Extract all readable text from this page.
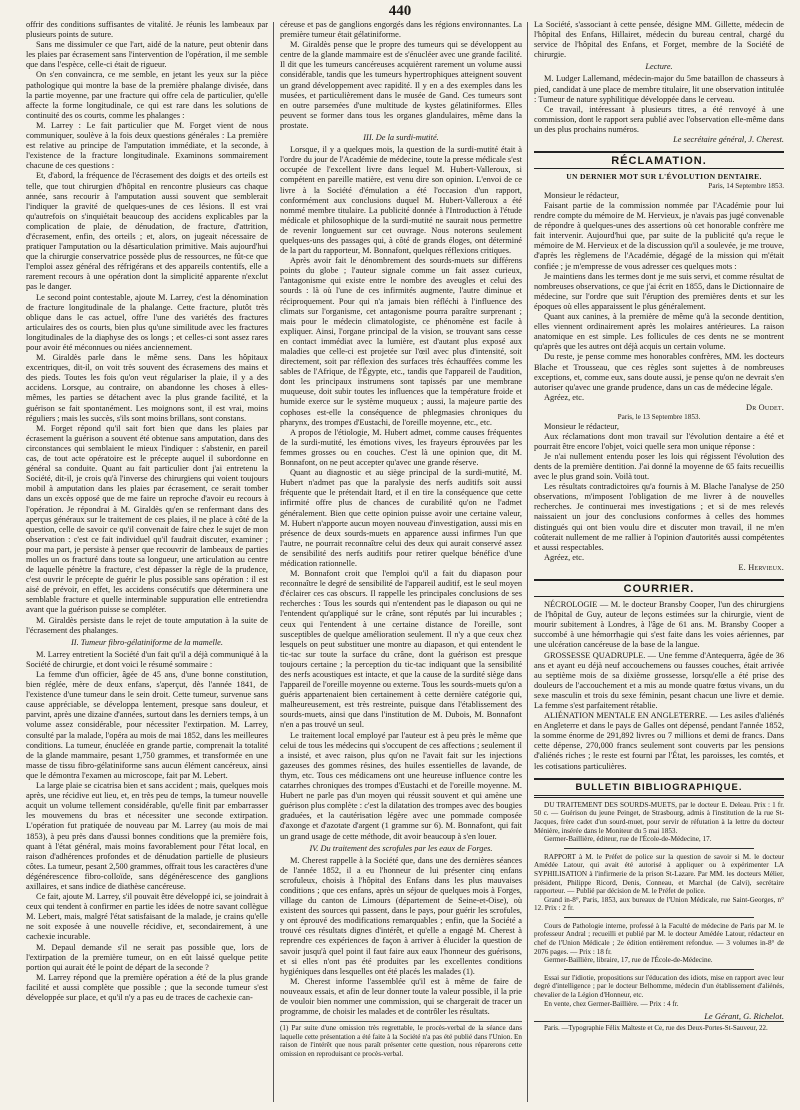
440

offrir des conditions suffisantes de vitalité. Je réunis les lambeaux par plusieurs points de suture.

Sans me dissimuler ce que l'art, aidé de la nature, peut obtenir dans les plaies par écrasement sans l'intervention de l'opération, il me semble que dans l'espèce, celle-ci était de rigueur.

On s'en convaincra, ce me semble, en jetant les yeux sur la pièce pathologique qui montre la base de la première phalange divisée, dans la partie moyenne, par une fracture qui offre cela de particulier, qu'elle affecte la forme longitudinale, ce qui est rare dans les solutions de continuité des os courts, comme les phalanges :

M. Larrey : Le fait particulier que M. Forget vient de nous communiquer, soulève à la fois deux questions générales : La première est relative au principe de l'amputation immédiate, et la seconde, à l'existence de la fracture longitudinale. Examinons sommairement chacune de ces questions :

Et, d'abord, la fréquence de l'écrasement des doigts et des orteils est telle, que tout chirurgien d'hôpital en rencontre plusieurs cas chaque année, sans recourir à l'amputation aussi souvent que semblerait l'indiquer la gravité de quelques-unes de ces lésions. Il est vrai qu'autrefois on s'inquiétait beaucoup des accidens explicables par la complication de plaie, de dénudation, de fracture, d'attrition, d'écrasement, enfin, des orteils ; et, alors, on jugeait nécessaire de pratiquer l'amputation ou la désarticulation primitive. Mais aujourd'hui que la chirurgie conservatrice possède plus de ressources, ne fût-ce que l'emploi assez général des réfrigérans et des appareils contentifs, elle a rarement recours à une opération dont la simplicité apparente n'exclut pas le danger.

Le second point contestable, ajoute M. Larrey, c'est la dénomination de fracture longitudinale de la phalange. Cette fracture, plutôt très oblique dans le cas actuel, offre l'une des variétés des fractures articulaires des os courts, bien plus qu'une similitude avec les fractures longitudinales de la diaphyse des os longs ; et celles-ci sont assez rares pour avoir été méconnues ou niées anciennement.

M. Giraldès parle dans le même sens. Dans les hôpitaux excentriques, dit-il, on voit très souvent des écrasemens des mains et des pieds. Toutes les fois qu'on veut régulariser la plaie, il y a des accidens. Lorsque, au contraire, on abandonne les choses à elles-mêmes, les parties se détachent avec la plus grande facilité, et la guérison se fait spontanément. Les moignons sont, il est vrai, moins réguliers ; mais les succès, s'ils sont moins brillans, sont constans.

M. Forget répond qu'il sait fort bien que dans les plaies par écrasement la guérison a souvent été obtenue sans amputation, dans des circonstances qui semblaient le mieux l'indiquer : s'abstenir, en pareil cas, de tout acte opératoire est le précepte auquel il subordonne en général sa conduite. Quant au fait particulier dont j'ai entretenu la Société, dit-il, je crois qu'à l'inverse des chirurgiens qui voient toujours mobil à amputation dans les plaies par écrasement, ce serait tomber dans un excès opposé que de me faire un reproche d'avoir eu recours à l'opération. Je répondrai à M. Giraldès qu'en se renfermant dans des aperçus généraux sur le traitement de ces plaies, il ne place à côté de la question, celle de savoir ce qu'il convenait de faire chez le sujet de mon observation : c'est ce fait individuel qu'il faudrait discuter, examiner ; pour ma part, je persiste à penser que recouvrir de lambeaux de parties molles un os fracturé dans toute sa longueur, une articulation au centre de laquelle pénètre la fracture, c'est dépasser la règle de la prudence, c'est ouvrir le précepte de guérir le plus possible sans opération : il est aisé de prévoir, en effet, les accidens consécutifs que déterminera une semblable fracture et quelle interminable suppuration elle entretiendra avant que la guérison puisse se compléter.

M. Giraldès persiste dans le rejet de toute amputation à la suite de l'écrasement des phalanges.

II. Tumeur fibro-gélatiniforme de la mamelle.

M. Larrey entretient la Société d'un fait qu'il a déjà communiqué à la Société de chirurgie, et dont voici le résumé sommaire :

La femme d'un officier, âgée de 45 ans, d'une bonne constitution, bien réglée, mère de deux enfans, s'aperçut, dès l'année 1841, de l'existence d'une tumeur dans le sein droit. Cette tumeur, survenue sans cause appréciable, se développa lentement, presque sans douleur, et parvint, après une dizaine d'années, surtout dans les derniers temps, à un volume assez considérable, pour nécessiter l'extirpation. M. Larrey, consulté par la malade, l'opéra au mois de mai 1852, dans les meilleures conditions. La tumeur, énucléée en grande partie, comprenait la totalité de la glande mammaire, pesant 1,750 grammes, et transformée en une masse de tissu fibro-gélatiniforme sans aucun élément cancéreux, ainsi que le démontra l'examen au microscope, fait par M. Lebert.

La large plaie se cicatrisa bien et sans accident ; mais, quelques mois après, une récidive eut lieu, et, en très peu de temps, la tumeur nouvelle acquit un volume tellement considérable, qu'elle finit par embarrasser les mouvemens du bras et nécessiter une seconde extirpation. L'opération fut pratiquée de nouveau par M. Larrey (au mois de mai 1853), à peu près dans d'aussi bonnes conditions que la première fois, quant à l'état général, mais moins favorablement pour l'état local, en raison d'adhérences profondes et de dénudation partielle de plusieurs côtes. La tumeur, pesant 2,500 grammes, offrait tous les caractères d'une dégénérescence fibro-colloïde, sans dégénérescence des ganglions axillaires, et sans indice de diathèse cancéreuse.

Ce fait, ajoute M. Larrey, s'il pouvait être développé ici, se joindrait à ceux qui tendent à confirmer en partie les idées de notre savant collègue M. Lebert, mais, malgré l'état satisfaisant de la malade, je crains qu'elle ne soit exposée à une nouvelle récidive, et, secondairement, à une cachexie incurable.

M. Depaul demande s'il ne serait pas possible que, lors de l'extirpation de la première tumeur, on en eût laissé quelque petite portion qui aurait été le point de départ de la seconde ?

M. Larrey répond que la première opération a été de la plus grande facilité et aussi complète que possible ; que la seconde tumeur s'est développée sur place, et qu'il n'y a pas eu de traces de cachexie can-

céreuse et pas de ganglions engorgés dans les régions environnantes. La première tumeur était gélatiniforme.

M. Giraldès pense que le propre des tumeurs qui se développent au centre de la glande mammaire est de s'énucléer avec une grande facilité. Il dit que les tumeurs cancéreuses acquièrent rarement un volume aussi considérable, tandis que les tumeurs hypertrophiques atteignent souvent un grand développement avec rapidité. Il y en a des exemples dans les musées, et particulièrement dans le musée de Gand. Ces tumeurs sont en outre parsemées d'une multitude de kystes gélatiniformes. Elles peuvent se former dans tous les organes glandulaires, même dans la prostate.

III. De la surdi-mutité.

Lorsque, il y a quelques mois, la question de la surdi-mutité était à l'ordre du jour de l'Académie de médecine, toute la presse médicale s'est occupée de l'excellent livre dans lequel M. Hubert-Valleroux, si compétent en pareille matière, est venu dire son opinion. L'envoi de ce livre à la Société d'émulation a été l'occasion d'un rapport, conformément aux conclusions duquel M. Hubert-Valleroux a été nommé membre titulaire. La publicité donnée à l'Introduction à l'étude médicale et philosophique de la surdi-mutité ne saurait nous permettre de revenir longuement sur cet ouvrage. Nous noterons seulement quelques-uns des passages qui, à côté de grands éloges, ont déterminé de la part du rapporteur, M. Bonnafont, quelques réflexions critiques.

Après avoir fait le dénombrement des sourds-muets sur différens points du globe ; l'auteur signale comme un fait assez curieux, l'antagonisme qui existe entre le nombre des aveugles et celui des sourds : là où l'une de ces infirmités augmente, l'autre diminue et réciproquement. Pour qui n'a jamais bien réfléchi à l'influence des climats sur l'organisme, cet antagonisme pourra paraître surprenant ; mais pour le médecin climatologiste, ce phénomène est facile à expliquer. Ainsi, l'organe principal de la vision, se trouvant sans cesse en contact immédiat avec la lumière, est d'autant plus exposé aux maladies que celle-ci est projetée sur l'œil avec plus d'intensité, soit directement, soit par réflexion des surfaces très échauffées comme les sables de l'Afrique, de l'Égypte, etc., tandis que l'appareil de l'audition, dont les principaux instrumens sont tapissés par une membrane muqueuse, doit subir toutes les influences que la température froide et humide exerce sur le système muqueux ; aussi, la majeure partie des cophoses est-elle la conséquence de phlegmasies chroniques du pharynx, des trompes d'Eustachi, de l'oreille moyenne, etc., etc.

A propos de l'étiologie, M. Hubert admet, comme causes fréquentes de la surdi-mutité, les émotions vives, les frayeurs éprouvées par les femmes grosses ou en couches. C'est là une opinion que, dit M. Bonnafont, on ne peut accepter qu'avec une grande réserve.

Quant au diagnostic et au siège principal de la surdi-mutité, M. Hubert n'admet pas que la paralysie des nerfs auditifs soit aussi fréquente que le prétendait Itard, et il en tire la conséquence que cette infirmité offre plus de chances de curabilité qu'on ne l'admet généralement. Bien que cette opinion puisse avoir une certaine valeur, M. Hubert n'apporte aucun moyen nouveau d'investigation, aussi mis en présence de deux sourds-muets en apparence aussi infirmes l'un que l'autre, ne pourrait reconnaître celui des deux qui aurait conservé assez de sensibilité des nerfs auditifs pour retirer quelque bénéfice d'une médication rationnelle.

M. Bonnafont croit que l'emploi qu'il a fait du diapason pour reconnaître le degré de sensibilité de l'appareil auditif, est le seul moyen d'éclairer ces cas obscurs. Il rappelle les principales conclusions de ses recherches : Tous les sourds qui n'entendent pas le diapason ou qui ne l'entendent qu'appliqué sur le crâne, sont réputés par lui incurables ; ceux qui l'entendent à une certaine distance de l'oreille, sont susceptibles de quelque amélioration seulement. Il n'y a que ceux chez lesquels on peut substituer une montre au diapason, et qui entendent le tic-tac sur toute la surface du crâne, dont la guérison est presque toujours certaine ; la perception du tic-tac indiquant que la sensibilité des nerfs acoustiques est intacte, et que la cause de la surdité siège dans l'appareil de l'oreille moyenne ou externe. Tous les sourds-muets qu'on a guéris appartenaient bien certainement à cette dernière catégorie qui, malheureusement, est très restreinte, puisque dans l'établissement des sourds-muets, ainsi que dans l'institution de M. Dubois, M. Bonnafont n'en a pas trouvé un seul.

Le traitement local employé par l'auteur est à peu près le même que celui de tous les médecins qui s'occupent de ces affections ; seulement il a insisté, et avec raison, plus qu'on ne l'avait fait sur les injections gazeuses des gommes résines, des huiles essentielles de lavande, de thym, etc. Tous ces médicamens ont une heureuse influence contre les catarrhes chroniques des trompes d'Eustachi et de l'oreille moyenne. M. Hubert ne parle pas d'un moyen qui réussit souvent et qui amène une guérison plus complète : c'est la dilatation des trompes avec des bougies graduées, et la cautérisation légère avec une pommade composée d'axonge et d'azotate d'argent (1 gramme sur 6). M. Bonnafont, qui fait un grand usage de cette méthode, dit avoir beaucoup à s'en louer.

IV. Du traitement des scrofules par les eaux de Forges.

M. Cherest rappelle à la Société que, dans une des dernières séances de l'année 1852, il a eu l'honneur de lui présenter cinq enfans scrofuleux, choisis à l'hôpital des Enfans dans les plus mauvaises conditions ; que ces enfans, après un séjour de quelques mois à Forges, village du canton de Limours (département de Seine-et-Oise), où existent des sources qui passent, dans le pays, pour guérir les scrofules, y ont éprouvé des modifications remarquables ; enfin, que la Société a trouvé ces résultats dignes d'intérêt, et qu'elle a engagé M. Cherest à reprendre ces expériences de façon à arriver à élucider la question de savoir jusqu'à quel point il faut faire aux eaux l'honneur des guérisons, et si elles n'ont pas été produites par les excellentes conditions hygiéniques dans lesquelles ont été placés les malades (1).

M. Cherest informe l'assemblée qu'il est à même de faire de nouveaux essais, et afin de leur donner toute la valeur possible, il la prie de vouloir bien nommer une commission, qui se chargerait de tracer un programme, de choisir les malades et de contrôler les résultats.

(1) Par suite d'une omission très regrettable, le procès-verbal de la séance dans laquelle cette présentation a été faite à la Société n'a pas été publié dans l'Union. En raison de l'intérêt que nous paraît présenter cette question, nous réparerons cette omission en reproduisant ce procès-verbal.

La Société, s'associant à cette pensée, désigne MM. Gillette, médecin de l'hôpital des Enfans, Hillairet, médecin du bureau central, chargé du service de l'hôpital des Enfans, et Forget, membre de la Société de chirurgie.

Lecture.

M. Ludger Lallemand, médecin-major du 5me bataillon de chasseurs à pied, candidat à une place de membre titulaire, lit une observation intitulée : Tumeur de nature syphilitique développée dans le cerveau.

Ce travail, intéressant à plusieurs titres, a été renvoyé à une commission, dont le rapport sera publié avec l'observation elle-même dans un des plus prochains numéros.

Le secrétaire général, J. Cherest.

RÉCLAMATION.

UN DERNIER MOT SUR L'ÉVOLUTION DENTAIRE.

Paris, 14 Septembre 1853.

Monsieur le rédacteur,

Faisant partie de la commission nommée par l'Académie pour lui rendre compte du mémoire de M. Hervieux, je n'avais pas jugé convenable de répondre à quelques-unes des assertions où cet honorable confrère me fait intervenir. Aujourd'hui que, par suite de la publicité qu'a reçue le mémoire de M. Hervieux et de la discussion qu'il a soulevée, je me trouve, d'après les règlemens de l'Académie, dégagé de la mission qui m'était confiée ; je m'empresse de vous adresser ces quelques mots :

Je maintiens dans les termes dont je me suis servi, et comme résultat de nombreuses observations, ce que j'ai écrit en 1855, dans le Dictionnaire de médecine, sur l'ordre que suit l'éruption des premières dents et sur les époques où elles apparaissent le plus généralement.

Quant aux canines, à la première de même qu'à la seconde dentition, elles viennent ordinairement après les molaires antérieures. La raison anatomique en est simple. Les follicules de ces dents ne se montrent qu'après que les autres ont déjà acquis un certain volume.

Du reste, je pense comme mes honorables confrères, MM. les docteurs Blache et Trousseau, que ces règles sont sujettes à de nombreuses exceptions, et, comme eux, sans doute aussi, je pense qu'on ne devrait s'en autoriser qu'avec une grande prudence, dans un cas de médecine légale.

Agréez, etc.

Dr Oudet.

Paris, le 13 Septembre 1853.

Monsieur le rédacteur,

Aux réclamations dont mon travail sur l'évolution dentaire a été et pourrait être encore l'objet, voici quelle sera mon unique réponse :

Je n'ai nullement entendu poser les lois qui régissent l'évolution des dents de la première dentition. J'ai donné la moyenne de 65 faits recueillis avec le plus grand soin. Voilà tout.

Les résultats contradictoires qu'a fournis à M. Blache l'analyse de 250 observations, m'imposent l'obligation de me livrer à de nouvelles recherches. Je continuerai mes investigations ; et si de mes relevés naissaient un jour des conclusions conformes à celles des hommes distingués qui ont bien voulu dire et discuter mon travail, il ne m'en coûterait nullement de me rallier à l'opinion d'autorités aussi compétentes et aussi respectables.

Agréez, etc.

E. Hervieux.

COURRIER.

NÉCROLOGIE — M. le docteur Bransby Cooper, l'un des chirurgiens de l'hôpital de Guy, auteur de leçons estimées sur la chirurgie, vient de mourir subitement à Londres, à l'âge de 61 ans. M. Bransby Cooper a succombé à une hémorrhagie qui s'est faite dans les voies aériennes, par une ulcération cancéreuse de la base de la langue.

GROSSESSE QUADRUPLE. — Une femme d'Antequerra, âgée de 36 ans et ayant eu déjà neuf accouchemens ou fausses couches, était arrivée au septième mois de sa dixième grossesse, lorsqu'elle a été prise des douleurs de l'accouchement et a mis au monde quatre fœtus vivans, un du sexe masculin et trois du sexe féminin, pesant chacun une livre et demie. La femme s'est parfaitement rétablie.

ALIÉNATION MENTALE EN ANGLETERRE. — Les asiles d'aliénés en Angleterre et dans le pays de Galles ont dépensé, pendant l'année 1852, la somme énorme de 291,892 livres ou 7 millions et demi de francs. Dans cette dépense, 270,000 francs seulement sont couverts par les pensions d'aliénés riches ; le reste est fourni par l'État, les paroisses, les comtés, et les cotisations particulières.

BULLETIN BIBLIOGRAPHIQUE.

DU TRAITEMENT DES SOURDS-MUETS, par le docteur E. Deleau. Prix : 1 fr. 50 c. — Guérison du jeune Peinget, de Strasbourg, admis à l'institution de la rue St-Jacques, frère cadet d'un sourd-muet, pour servir de réfutation à la lettre du docteur Ménière, insérée dans le Moniteur du 5 mai 1853.

Germer-Baillière, éditeur, rue de l'École-de-Médecine, 17.

RAPPORT à M. le Préfet de police sur la question de savoir si M. le docteur Amédée Latour, qui avait été autorisé à appliquer ou à expérimenter LA SYPHILISATION à l'infirmerie de la prison St-Lazare. Par MM. les docteurs Mélier, président, Philippe Ricord, Denis, Conneau, et Marchal (de Calvi), secrétaire rapporteur. — Publié par décision de M. le Préfet de police.

Grand in-8°, Paris, 1853, aux bureaux de l'Union Médicale, rue Saint-Georges, n° 12. Prix : 2 fr.

Cours de Pathologie interne, professé à la Faculté de médecine de Paris par M. le professeur Andral ; recueilli et publié par M. le docteur Amédée Latour, rédacteur en chef de l'Union Médicale ; 2e édition entièrement refondue. — 3 volumes in-8° de 2076 pages. — Prix : 18 fr.

Germer-Baillière, libraire, 17, rue de l'École-de-Médecine.

Essai sur l'idiotie, propositions sur l'éducation des idiots, mise en rapport avec leur degré d'intelligence ; par le docteur Belhomme, médecin d'un établissement d'aliénés, chevalier de la Légion d'Honneur, etc.

En vente, chez Germer-Baillière. — Prix : 4 fr.

Le Gérant, G. Richelot.

Paris. —Typographie Félix Malteste et Ce, rue des Deux-Portes-St-Sauveur, 22.
